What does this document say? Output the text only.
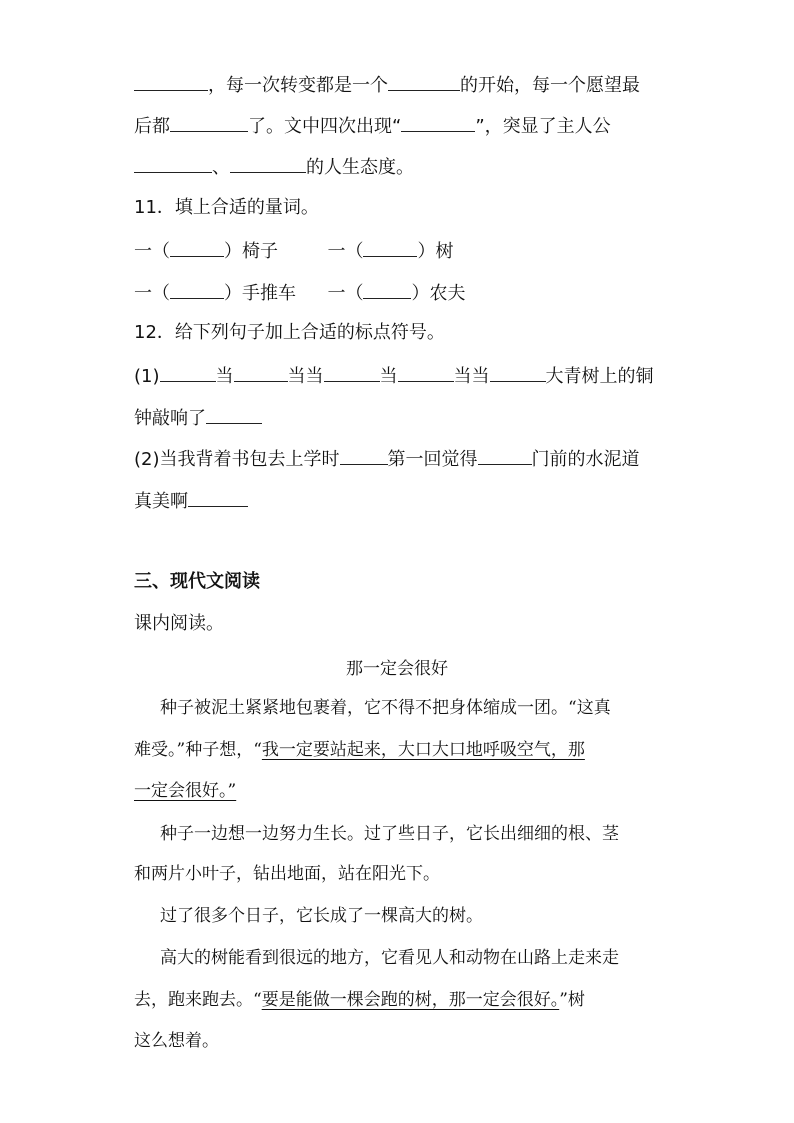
，每一次转变都是一个	的开始，每一个愿望最
后都	了。文中四次出现“	”，突显了主人公
、	的人生态度。
11．填上合适的量词。
一（	）椅子	一（	）树
一（	）手推车 一（	）农夫
12．给下列句子加上合适的标点符号。
(1)	当	当当	当	当当	大青树上的铜
钟敲响了
(2)当我背着书包去上学时	第一回觉得	门前的水泥道
真美啊
三、现代文阅读
课内阅读。
那一定会很好
种子被泥土紧紧地包裹着，它不得不把身体缩成一团。“这真
难受。”种子想，“我一定要站起来，大口大口地呼吸空气，那
一定会很好。”
种子一边想一边努力生长。过了些日子，它长出细细的根、茎
和两片小叶子，钻出地面，站在阳光下。
过了很多个日子，它长成了一棵高大的树。
高大的树能看到很远的地方，它看见人和动物在山路上走来走
去，跑来跑去。“要是能做一棵会跑的树，那一定会很好。”树
这么想着。
